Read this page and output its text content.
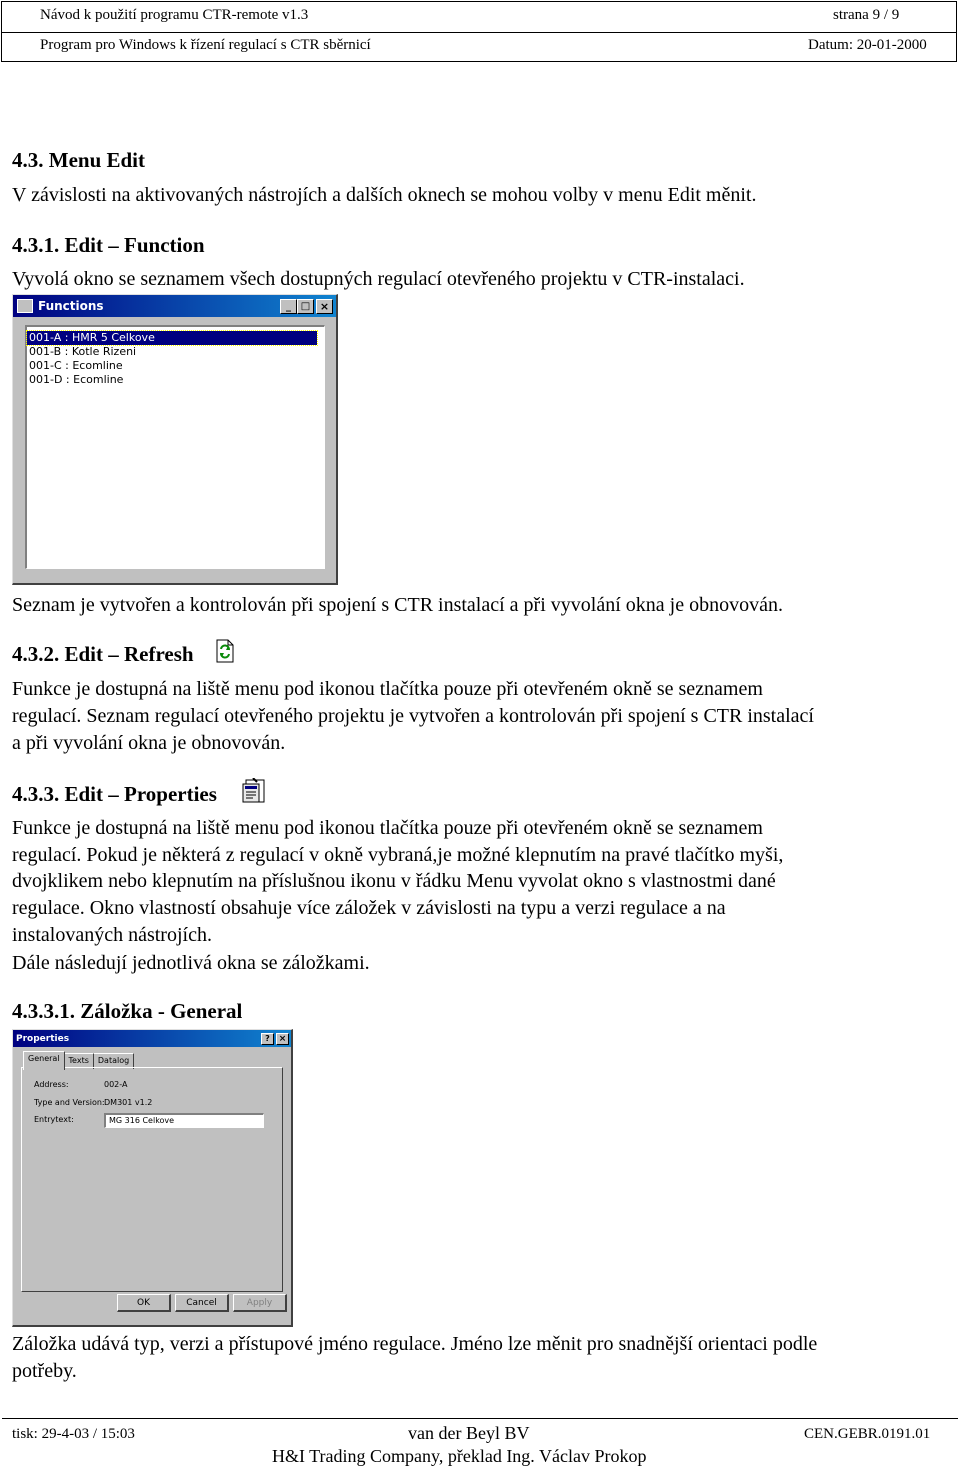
Návod k použití programu CTR-remote v1.3	strana 9 / 9
Program pro Windows k řízení regulací s CTR sběrnicí	Datum: 20-01-2000
4.3. Menu Edit
V závislosti na aktivovaných nástrojích a dalších oknech se mohou volby v menu Edit měnit.
4.3.1. Edit – Function
Vyvolá okno se seznamem všech dostupných regulací otevřeného projektu v CTR-instalaci.
Functions	_ □ ×
001-A : HMR 5 Celkove
001-B : Kotle Rizeni
001-C : Ecomline
001-D : Ecomline
Seznam je vytvořen a kontrolován při spojení s CTR instalací a při vyvolání okna je obnovován.
4.3.2. Edit – Refresh
Funkce je dostupná na liště menu pod ikonou tlačítka pouze při otevřeném okně se seznamem
regulací. Seznam regulací otevřeného projektu je vytvořen a kontrolován při spojení s CTR instalací
a při vyvolání okna je obnovován.
4.3.3. Edit – Properties
Funkce je dostupná na liště menu pod ikonou tlačítka pouze při otevřeném okně se seznamem
regulací. Pokud je některá z regulací v okně vybraná,je možné klepnutím na pravé tlačítko myši,
dvojklikem nebo klepnutím na příslušnou ikonu v řádku Menu vyvolat okno s vlastnostmi dané
regulace. Okno vlastností obsahuje více záložek v závislosti na typu a verzi regulace a na
instalovaných nástrojích.
Dále následují jednotlivá okna se záložkami.
4.3.3.1. Záložka - General
Properties	? ×
General	Texts	Datalog
Address:	002-A
Type and Version: DM301 v1.2
Entrytext:	MG 316 Celkove
OK	Cancel	Apply
Záložka udává typ, verzi a přístupové jméno regulace. Jméno lze měnit pro snadnější orientaci podle
potřeby.
tisk: 29-4-03 / 15:03	van der Beyl BV	CEN.GEBR.0191.01
H&I Trading Company, překlad Ing. Václav Prokop
